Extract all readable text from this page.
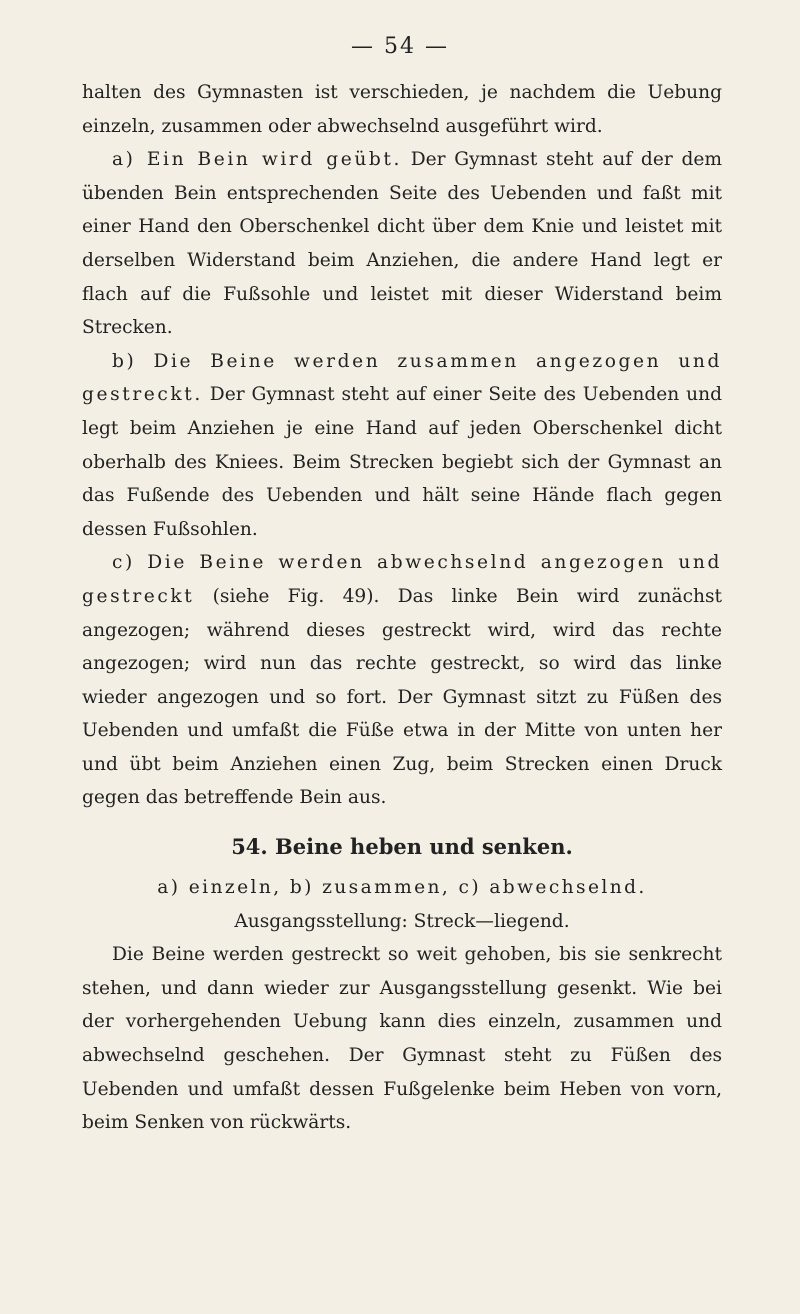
— 54 —

halten des Gymnasten ist verschieden, je nachdem die Uebung einzeln, zusammen oder abwechselnd ausgeführt wird.

a) Ein Bein wird geübt. Der Gymnast steht auf der dem übenden Bein entsprechenden Seite des Uebenden und faßt mit einer Hand den Oberschenkel dicht über dem Knie und leistet mit derselben Widerstand beim Anziehen, die andere Hand legt er flach auf die Fußsohle und leistet mit dieser Widerstand beim Strecken.

b) Die Beine werden zusammen angezogen und gestreckt. Der Gymnast steht auf einer Seite des Uebenden und legt beim Anziehen je eine Hand auf jeden Oberschenkel dicht oberhalb des Kniees. Beim Strecken begiebt sich der Gymnast an das Fußende des Uebenden und hält seine Hände flach gegen dessen Fußsohlen.

c) Die Beine werden abwechselnd angezogen und gestreckt (siehe Fig. 49). Das linke Bein wird zunächst angezogen; während dieses gestreckt wird, wird das rechte angezogen; wird nun das rechte gestreckt, so wird das linke wieder angezogen und so fort. Der Gymnast sitzt zu Füßen des Uebenden und umfaßt die Füße etwa in der Mitte von unten her und übt beim Anziehen einen Zug, beim Strecken einen Druck gegen das betreffende Bein aus.

54. Beine heben und senken.

a) einzeln, b) zusammen, c) abwechselnd.

Ausgangsstellung: Streck—liegend.

Die Beine werden gestreckt so weit gehoben, bis sie senkrecht stehen, und dann wieder zur Ausgangsstellung gesenkt. Wie bei der vorhergehenden Uebung kann dies einzeln, zusammen und abwechselnd geschehen. Der Gymnast steht zu Füßen des Uebenden und umfaßt dessen Fußgelenke beim Heben von vorn, beim Senken von rückwärts.
